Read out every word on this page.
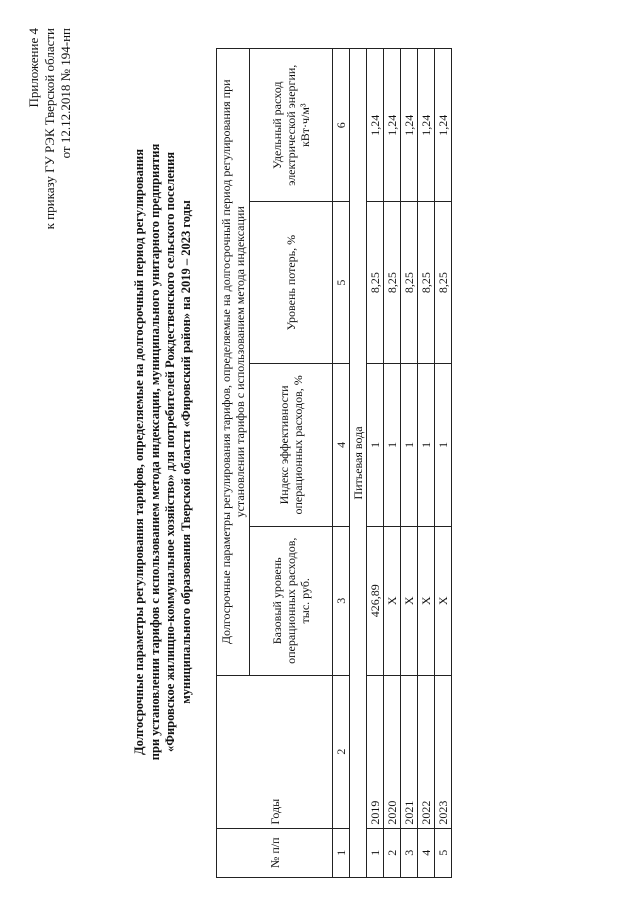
Приложение 4 к приказу ГУ РЭК Тверской области от 12.12.2018 № 194-нп
Долгосрочные параметры регулирования тарифов, определяемые на долгосрочный период регулирования при установлении тарифов с использованием метода индексации, муниципального унитарного предприятия «Фировское жилищно-коммунальное хозяйство» для потребителей Рождественского сельского поселения муниципального образования Тверской области «Фировский район» на 2019 – 2023 годы
№ п/п	Годы	Долгосрочные параметры регулирования тарифов, определяемые на долгосрочный период регулирования при установлении тарифов с использованием метода индексации			
		Базовый уровень операционных расходов, тыс. руб.	Индекс эффективности операционных расходов, %	Уровень потерь, %	Удельный расход электрической энергии, кВт·ч/м³
1	2	3	4	5	6
Питьевая вода					
1	2019	426,89	1	8,25	1,24
2	2020	Х	1	8,25	1,24
3	2021	Х	1	8,25	1,24
4	2022	Х	1	8,25	1,24
5	2023	Х	1	8,25	1,24
